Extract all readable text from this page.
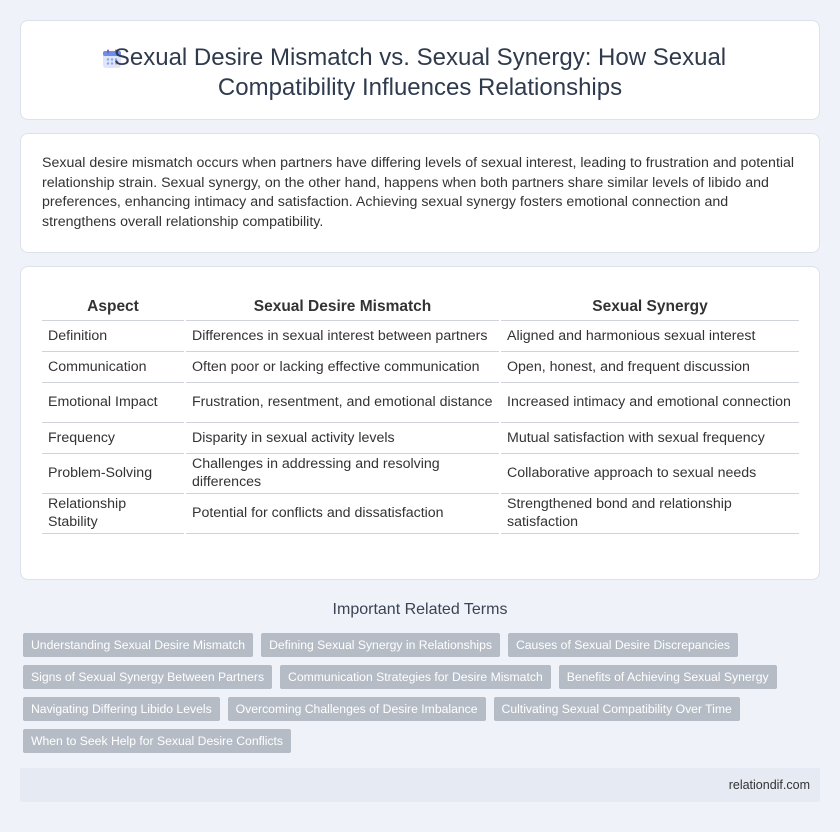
Sexual Desire Mismatch vs. Sexual Synergy: How Sexual Compatibility Influences Relationships

Sexual desire mismatch occurs when partners have differing levels of sexual interest, leading to frustration and potential relationship strain. Sexual synergy, on the other hand, happens when both partners share similar levels of libido and preferences, enhancing intimacy and satisfaction. Achieving sexual synergy fosters emotional connection and strengthens overall relationship compatibility.

Aspect	Sexual Desire Mismatch	Sexual Synergy
Definition	Differences in sexual interest between partners	Aligned and harmonious sexual interest
Communication	Often poor or lacking effective communication	Open, honest, and frequent discussion
Emotional Impact	Frustration, resentment, and emotional distance	Increased intimacy and emotional connection
Frequency	Disparity in sexual activity levels	Mutual satisfaction with sexual frequency
Problem-Solving	Challenges in addressing and resolving differences	Collaborative approach to sexual needs
Relationship Stability	Potential for conflicts and dissatisfaction	Strengthened bond and relationship satisfaction
Important Related Terms
Understanding Sexual Desire Mismatch	Defining Sexual Synergy in Relationships	Causes of Sexual Desire Discrepancies
Signs of Sexual Synergy Between Partners	Communication Strategies for Desire Mismatch	Benefits of Achieving Sexual Synergy
Navigating Differing Libido Levels	Overcoming Challenges of Desire Imbalance	Cultivating Sexual Compatibility Over Time
When to Seek Help for Sexual Desire Conflicts
relationdif.com
